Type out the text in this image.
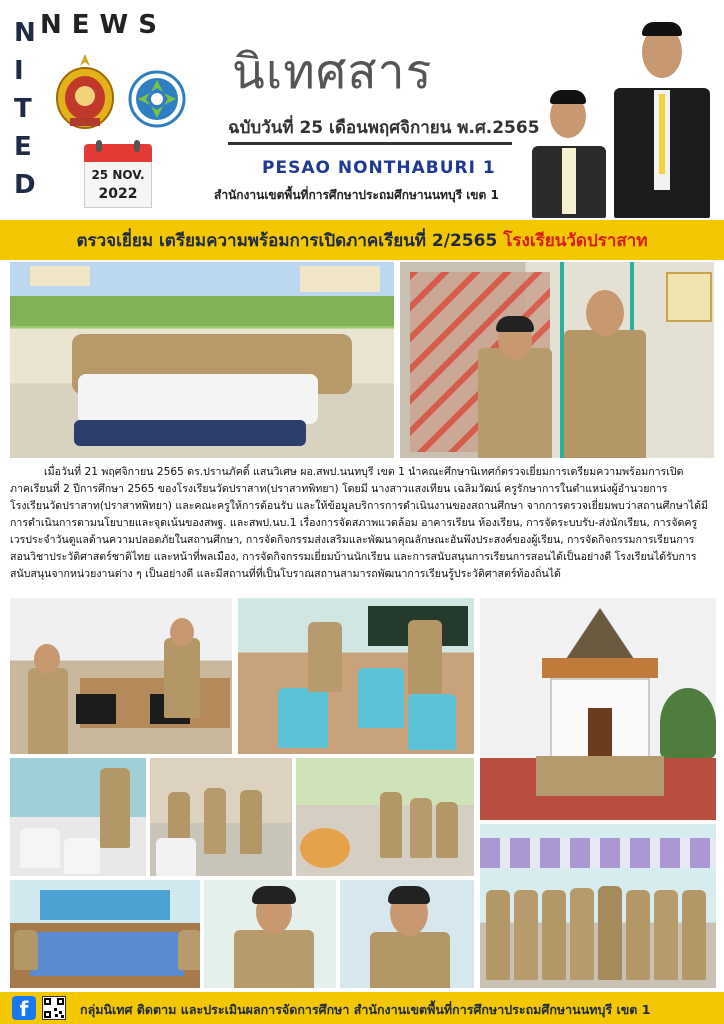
N E W S
N
I
T
E
D	25 NOV.
2022
นิเทศสาร
ฉบับวันที่ 25 เดือนพฤศจิกายน พ.ศ.2565
PESAO NONTHABURI 1
สำนักงานเขตพื้นที่การศึกษาประถมศึกษานนทบุรี เขต 1
ตรวจเยี่ยม เตรียมความพร้อมการเปิดภาคเรียนที่ 2/2565 โรงเรียนวัดปราสาท
เมื่อวันที่ 21 พฤศจิกายน 2565 ดร.ปรานภัคดิ์ แสนวิเศษ ผอ.สพป.นนทบุรี เขต 1 นำคณะศึกษานิเทศก์ตรวจเยี่ยมการเตรียมความพร้อมการเปิด
ภาคเรียนที่ 2 ปีการศึกษา 2565 ของโรงเรียนวัดปราสาท(ปราสาทพิทยา) โดยมี นางสาวแสงเทียน เฉลิมวัฒน์ ครูรักษาการในตำแหน่งผู้อำนวยการ
โรงเรียนวัดปราสาท(ปราสาทพิทยา) และคณะครูให้การต้อนรับ และให้ข้อมูลบริการการดำเนินงานของสถานศึกษา จากการตรวจเยี่ยมพบว่าสถานศึกษาได้มี
การดำเนินการตามนโยบายและจุดเน้นของสพฐ. และสพป.นบ.1 เรื่องการจัดสภาพแวดล้อม อาคารเรียน ห้องเรียน, การจัดระบบรับ-ส่งนักเรียน, การจัดครู
เวรประจำวันดูแลด้านความปลอดภัยในสถานศึกษา, การจัดกิจกรรมส่งเสริมและพัฒนาคุณลักษณะอันพึงประสงค์ของผู้เรียน, การจัดกิจกรรมการเรียนการ
สอนวิชาประวัติศาสตร์ชาติไทย และหน้าที่พลเมือง, การจัดกิจกรรมเยี่ยมบ้านนักเรียน และการสนับสนุนการเรียนการสอนได้เป็นอย่างดี โรงเรียนได้รับการ
สนับสนุนจากหน่วยงานต่าง ๆ เป็นอย่างดี และมีสถานที่ที่เป็นโบราณสถานสามารถพัฒนาการเรียนรู้ประวัติศาสตร์ท้องถิ่นได้
f	กลุ่มนิเทศ ติดตาม และประเมินผลการจัดการศึกษา สำนักงานเขตพื้นที่การศึกษาประถมศึกษานนทบุรี เขต 1
